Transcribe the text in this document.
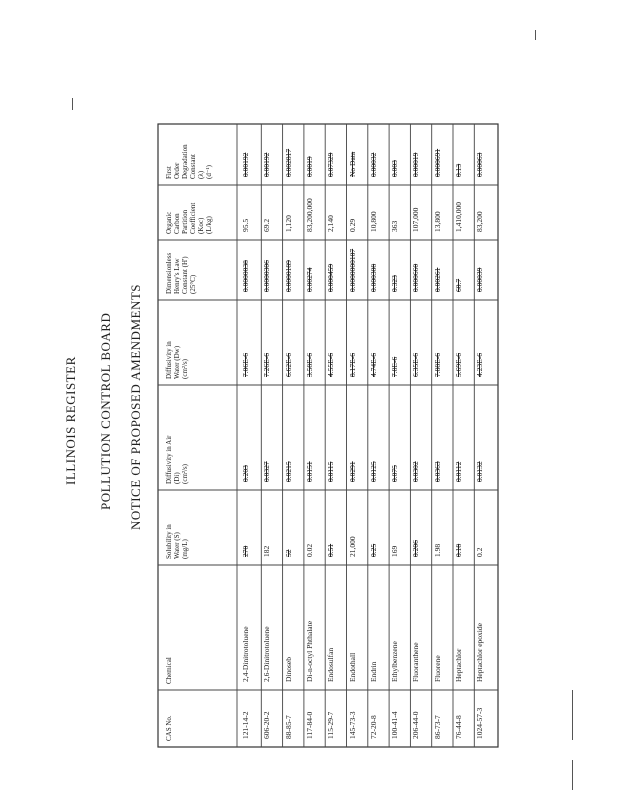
ILLINOIS REGISTER POLLUTION CONTROL BOARD NOTICE OF PROPOSED AMENDMENTS
CAS No.
Chemical
Solubility in
Water (S)
(mg/L)
Diffusivity in Air
(Di)
(cm²/s)
Diffusivity in
Water (Dw)
(cm²/s)
Dimensionless
Henry's Law
Constant (H')
(25°C)
Organic
Carbon
Partition
Coefficient
(Koc)
(L/kg)
First
Order
Degradation
Constant
(λ)
(d⁻¹)
121-14-2
2,4-Dinitrotoluene
270
0.203
7.06E-6
0.0000038
95.5
0.00192
606-20-2
2,6-Dinitrotoluene
182
0.0327
7.26E-6
0.0000306
69.2
0.00192
88-85-7
Dinoseb
52
0.0215
6.62E-6
0.0000189
1,120
0.002817
117-84-0
Di-n-octyl Phthalate
0.02
0.0151
3.58E-6
0.00274
83,200,000
0.0019
115-29-7
Endosulfan
0.51
0.0115
4.55E-6
0.000459
2,140
0.07329
145-73-3
Endothall
21,000
0.0291
8.17E-6
0.0000000107
0.29
No Data
72-20-8
Endrin
0.25
0.0125
4.74E-6
0.000308
10,800
0.00032
100-41-4
Ethylbenzene
169
0.075
7.8E-6
0.323
363
0.003
206-44-0
Fluoranthene
0.206
0.0302
6.35E-6
0.000660
107,000
0.00019
86-73-7
Fluorene
1.98
0.0363
7.88E-6
0.00261
13,800
0.000691
76-44-8
Heptachlor
0.18
0.0112
5.69E-6
60.7
1,410,000
0.13
1024-57-3
Heptachlor epoxide
0.2
0.0132
4.23E-6
0.00039
83,200
0.00063
